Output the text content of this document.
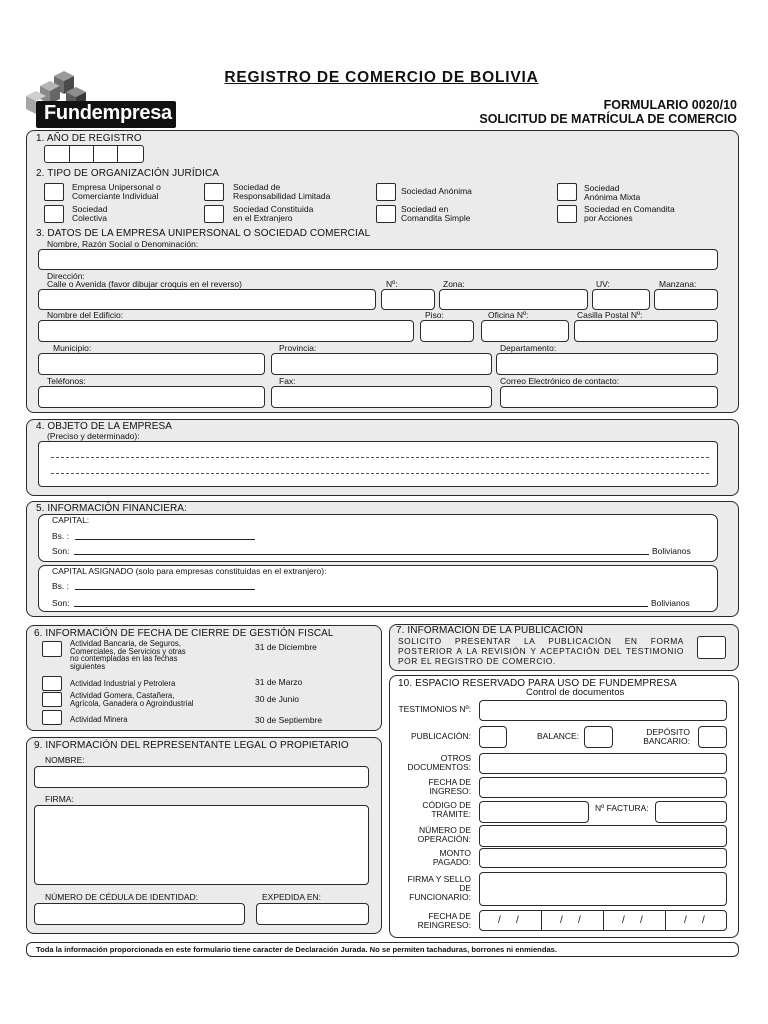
Fundempresa
REGISTRO DE COMERCIO DE BOLIVIA
FORMULARIO 0020/10
SOLICITUD DE MATRÍCULA DE COMERCIO
1. AÑO DE REGISTRO
2. TIPO DE ORGANIZACIÓN JURÍDICA
Empresa Unipersonal o
Comerciante Individual
Sociedad de
Responsabilidad Limitada	Sociedad Anónima	Sociedad
Anónima Mixta
Sociedad
Colectiva
Sociedad Constituida
en el Extranjero
Sociedad en
Comandita Simple
Sociedad en Comandita
por Acciones
3. DATOS DE LA EMPRESA UNIPERSONAL O SOCIEDAD COMERCIAL
Nombre, Razón Social o Denominación:
Dirección:
Calle o Avenida (favor dibujar croquis en el reverso)	Nº:	Zona:	UV:	Manzana:
Nombre del Edificio:	Piso:	Oficina Nº:	Casilla Postal Nº:
Municipio:	Provincia:	Departamento:
Teléfonos:	Fax:	Correo Electrónico de contacto:
4. OBJETO DE LA EMPRESA
(Preciso y determinado):
5. INFORMACIÓN FINANCIERA:
CAPITAL:
Bs. :
Son:	Bolivianos
CAPITAL ASIGNADO (solo para empresas constituidas en el extranjero):
Bs. :
Son:	Bolivianos
6. INFORMACIÓN DE FECHA DE CIERRE DE GESTIÓN FISCAL
Actividad Bancaria, de Seguros,
Comerciales, de Servicios y otras
no contempladas en las fechas
siguientes
31 de Diciembre
Actividad Industrial y Petrolera	31 de Marzo
Actividad Gomera, Castañera,
Agrícola, Ganadera o Agroindustrial	30 de Junio
Actividad Minera	30 de Septiembre
7. INFORMACIÓN DE LA PUBLICACIÓN
SOLICITO PRESENTAR LA PUBLICACIÓN EN FORMA POSTERIOR A LA REVISIÓN Y ACEPTACIÓN DEL TESTIMONIO POR EL REGISTRO DE COMERCIO.
9. INFORMACIÓN DEL REPRESENTANTE LEGAL O PROPIETARIO
NOMBRE:
FIRMA:
NÚMERO DE CÉDULA DE IDENTIDAD:	EXPEDIDA EN:
10. ESPACIO RESERVADO PARA USO DE FUNDEMPRESA
Control de documentos
TESTIMONIOS Nº:
PUBLICACIÓN:	BALANCE:	DEPÓSITO
BANCARIO:
OTROS
DOCUMENTOS:
FECHA DE
INGRESO:
CÓDIGO DE
TRÁMITE:
Nº FACTURA:
NÚMERO DE
OPERACIÓN:
MONTO
PAGADO:
FIRMA Y SELLO
DE
FUNCIONARIO:
FECHA DE
REINGRESO:	/ /	/ /	/ /	/ /
Toda la información proporcionada en este formulario tiene caracter de Declaración Jurada. No se permiten tachaduras, borrones ni enmiendas.
